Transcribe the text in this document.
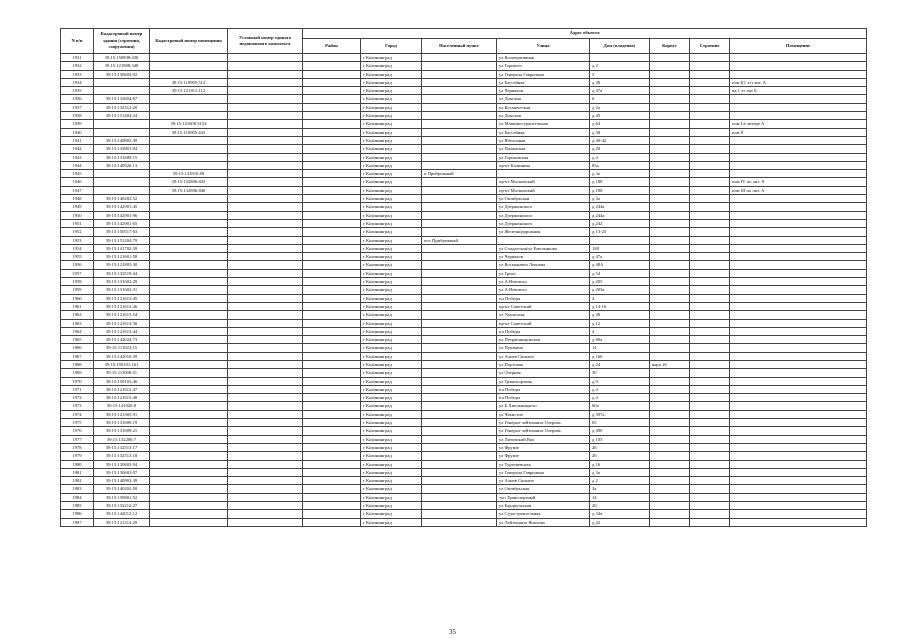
N п/п	Кадастровый номер здания (строения, сооружения)	Кадастровый номер помещения	Условный номер единого недвижимого комплекса	Адрес объекта							
				Район	Город	Населенный пункт	Улица	Дом (владение)	Корпус	Строение	Помещение
1931	39:15:150838:430				г Калининград		ул Кооперативная				
1932	39:15:121808:348				г Калининград		ул Горького	д 2			
1933	39:15:130603:92				г Калининград		ул Генерала Гаврилина	5			
1934		39:15:110905:512			г Калининград		ул Бассейная	д 38			пом I(1 эт) лит. А
1935		39:15:121811:112			г Калининград		ул Черняхов	д 47а			на 1 эт лит Б
1936	39:15:132604:67				г Калининград		ул Донская	6			
1937	39:15:132312:20				г Калининград		ул Космическая	д 2а			
1938	39:15:151404:34				г Калининград		ул Донская	д 45			
1939		39:15:141609:3154			г Калининград		ул Машиностроительная	д 64			пом I в литере А
1940		39:15:110905:443			г Калининград		ул Бассейная	д 38			пом 8
1941	39:15:140802:49				г Калининград		ул Ябелочная	д 40-42			
1942	39:15:133801:94				г Калининград		ул Полянская	д 20			
1943	39:15:131609:15				г Калининград		ул Горьковская	д 4			
1944	39:15:140926:13				г Калининград		пр-кт Калинина	83а			
1945		39:15:131810:69			г Калининград	п Прибрежный		д 3а			
1946		39:15:132806:843			г Калининград		пр-кт Московский	д 188			пом IV по лит. А
1947		39:15:132806:846			г Калининград		пр-кт Московский	д 188			пом III по лит. А
1948	39:15:140202:52				г Калининград		ул Октябрьская	д 3а			
1949	39:15:142901:45				г Калининград		ул Дзержинского	д 244а			
1950	39:15:142901:96				г Калининград		ул Дзержинского	д 244а			
1951	39:15:142901:65				г Калининград		ул Дзержинского	д 242			
1952	39:15:150517:63				г Калининград		ул Железнодорожная	д 13-23			
1953	39:15:151204:79				г Калининград	пос Прибрежный					
1954	39:15:141702:39				г Калининград		ул Солдатская/ул Емельянова	148			
1955	39:15:121601:58				г Калининград		ул Черняхов	д 47а			
1956	39:15:121805:30				г Калининград		ул Космонавта Леонова	д 48А			
1957	39:15:132519:44				г Калининград		ул Грига	д 54			
1958	39:15:131602:29				г Калининград		ул А.Невского	д 205			
1959	39:15:131602:31				г Калининград		ул А.Невского	д 205а			
1960	39:15:121613:45				г Калининград		пл Победы	4			
1961	39:15:121613:46				г Калининград		пр-кт Советский	д 14-16			
1962	39:15:121613:54				г Калининград		ул Уральская	д 38			
1963	39:15:121613:38				г Калининград		пр-кт Советский	д 12			
1964	39:15:121613:44				г Калининград		пл Победы	4			
1965	39:15:142024:73				г Калининград		ул Петрашинцовская	д 80а			
1966	39:15:111023:15				г Калининград		ул Пушкина	14			
1967	39:15:142010:39				г Калининград		ул Алиев Сишлих	д 166			
1968	39:15:150101:161				г Калининград		ул Портовая	д 24	корп 2б		
1969	39:15:111008:41				г Калининград		ул Озерная	30			
1970	39:15:150103:46				г Калининград		ул Транспортная	д 9			
1971	39:15:121613:47				г Калининград		пл Победы	д 4			
1972	39:15:121613:48				г Калининград		пл Победы	д 4			
1973	39:15:141020:8				г Калининград		ул Б.Хмельницкого	60а			
1974	39:15:121305:91				г Калининград		ул Чекистов	д 397а			
1975	39:15:131609:19				г Калининград		ул Генерал-лейтенанта Озерова	65			
1976	39:15:131609:21				г Калининград		ул Генерал-лейтенанта Озерова	д 490			
1977	39:15:132206:7				г Калининград		ул Литовский Вал	д 105			
1978	39:15:132513:17				г Калининград		ул Фрунзе	26			
1979	39:15:132513:18				г Калининград		ул Фрунзе	26			
1980	39:15:130603:94				г Калининград		ул Тургеневская	д 16			
1981	39:15:130603:97				г Калининград		ул Генерала Гаврилина	д 3а			
1982	39:15:140903:39				г Калининград		ул Алиев Сишлих	д 2			
1983	39:15:140202:58				г Калининград		ул Октябрьская	3а			
1984	39:15:150801:52				г Калининград		туп Транспортный	14			
1985	39:15:132212:27				г Калининград		ул Бардиульская	20			
1986	39:15:142012:12				г Калининград		ул Судостроительная	д 34а			
1987	39:15:121314:29				г Калининград		ул Лейтенанта Яналова	д 42			
35
